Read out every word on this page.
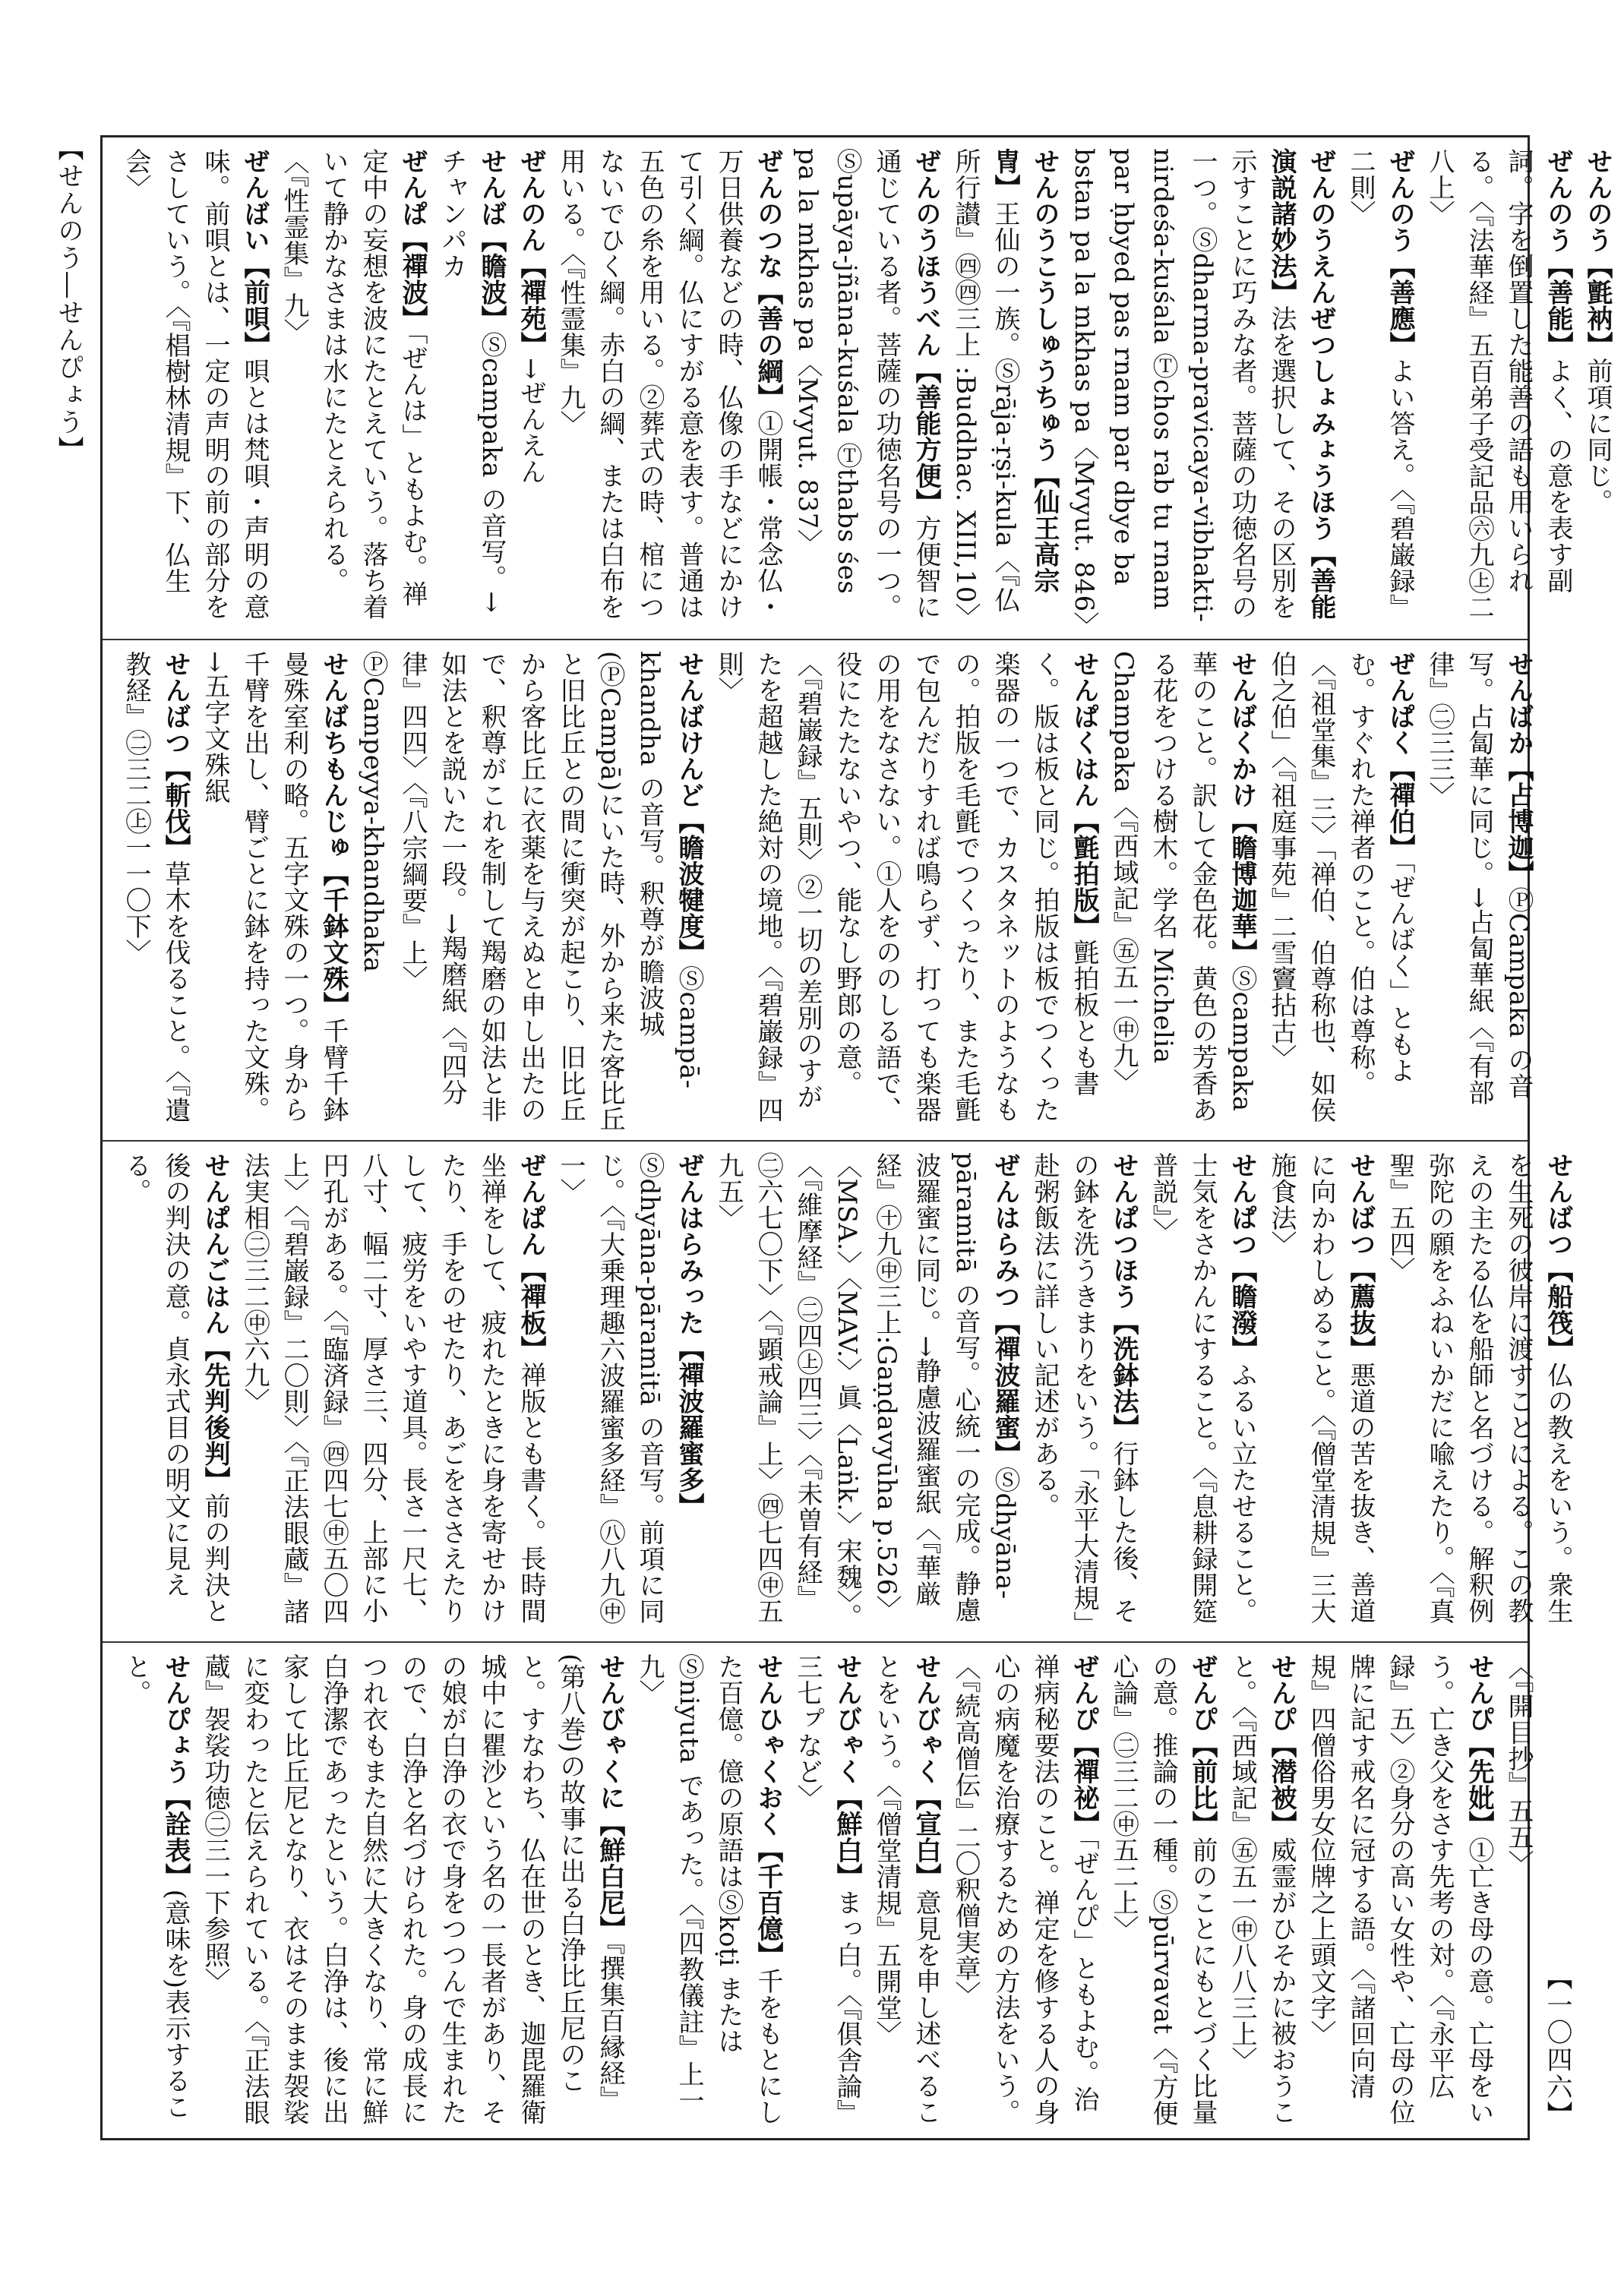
【せんのう―せんぴょう】
【一〇四六】
せんのう【氈衲】前項に同じ。
ぜんのう【善能】よく、の意を表す副詞。字を倒置した能善の語も用いられる。〈『法華経』五百弟子受記品㊅九㊤二八上〉
ぜんのう【善應】よい答え。〈『碧巌録』二則〉
ぜんのうえんぜつしょみょうほう【善能演説諸妙法】法を選択して、その区別を示すことに巧みな者。菩薩の功徳名号の一つ。Ⓢdharma-pravicaya-vibhakti-nirdeśa-kuśala Ⓣchos rab tu rnam par ḥbyed pas rnam par dbye ba bstan pa la mkhas pa〈Mvyut. 846〉
せんのうこうしゅうちゅう【仙王高宗冑】王仙の一族。Ⓢrāja-ṛṣi-kula〈『仏所行讃』㊃㊃三上 :Buddhac. XIII,10〉
ぜんのうほうべん【善能方便】方便智に通じている者。菩薩の功徳名号の一つ。Ⓢupāya-jñāna-kuśala Ⓣthabs śes pa la mkhas pa〈Mvyut. 837〉
ぜんのつな【善の綱】①開帳・常念仏・万日供養などの時、仏像の手などにかけて引く綱。仏にすがる意を表す。普通は五色の糸を用いる。②葬式の時、棺につないでひく綱。赤白の綱、または白布を用いる。〈『性霊集』九〉
ぜんのん【禪苑】→ぜんえん
せんば【瞻波】Ⓢcampaka の音写。→チャンパカ
ぜんぱ【禪波】「ぜんは」ともよむ。禅定中の妄想を波にたとえていう。落ち着いて静かなさまは水にたとえられる。〈『性霊集』九〉
ぜんばい【前唄】唄とは梵唄・声明の意味。前唄とは、一定の声明の前の部分をさしていう。〈『椙樹林清規』下、仏生会〉
せんばか【占博迦】ⓅCampaka の音写。占匐華に同じ。→占匐華䋋〈『有部律』㊁三三〉
ぜんぱく【禪伯】「ぜんばく」ともよむ。すぐれた禅者のこと。伯は尊称。〈『祖堂集』三〉「禅伯、伯尊称也、如侯伯之伯」〈『祖庭事苑』二雪竇拈古〉
せんばくかけ【瞻博迦華】Ⓢcampaka 華のこと。訳して金色花。黄色の芳香ある花をつける樹木。学名 Michelia Champaka〈『西域記』㊄五一㊥九〉
せんぱくはん【氈拍版】氈拍板とも書く。版は板と同じ。拍版は板でつくった楽器の一つで、カスタネットのようなもの。拍版を毛氈でつくったり、また毛氈で包んだりすれば鳴らず、打っても楽器の用をなさない。①人をののしる語で、役にたたないやつ、能なし野郎の意。〈『碧巌録』五則〉②一切の差別のすがたを超越した絶対の境地。〈『碧巌録』四則〉
せんばけんど【瞻波犍度】Ⓢcampā-khandha の音写。釈尊が瞻波城(ⓅCampā)にいた時、外から来た客比丘と旧比丘との間に衝突が起こり、旧比丘から客比丘に衣薬を与えぬと申し出たので、釈尊がこれを制して羯磨の如法と非如法とを説いた一段。→羯磨䋋〈『四分律』四四〉〈『八宗綱要』上〉ⓅCampeyya-khandhaka
せんばちもんじゅ【千鉢文殊】千臂千鉢曼殊室利の略。五字文殊の一つ。身から千臂を出し、臂ごとに鉢を持った文殊。→五字文殊䋋
せんばつ【斬伐】草木を伐ること。〈『遺教経』㊁三二㊤一一〇下〉
せんばつ【船筏】仏の教えをいう。衆生を生死の彼岸に渡すことによる。この教えの主たる仏を船師と名づける。解釈例 弥陀の願をふねいかだに喩えたり。〈『真聖』五四〉
せんばつ【薦抜】悪道の苦を抜き、善道に向かわしめること。〈『僧堂清規』三大施食法〉
せんぱつ【瞻潑】ふるい立たせること。士気をさかんにすること。〈『息耕録開筵普説』〉
せんぱつほう【洗鉢法】行鉢した後、その鉢を洗うきまりをいう。「永平大清規」赴粥飯法に詳しい記述がある。
ぜんはらみつ【禪波羅蜜】Ⓢdhyāna-pāramitā の音写。心統一の完成。静慮波羅蜜に同じ。→静慮波羅蜜䋋〈『華厳経』㊉九㊥三上:Gaṇḍavyūha p.526〉〈MSA.〉〈MAV.〉眞〈Laṅk.〉宋魏〉。〈『維摩経』㊁四㊤四三〉〈『未曽有経』㊁六七〇下〉〈『顕戒論』上〉㊃七四㊥五九五〉
ぜんはらみった【禪波羅蜜多】Ⓢdhyāna-pāramitā の音写。前項に同じ。〈『大乗理趣六波羅蜜多経』㊇八九㊥一〉
ぜんぱん【禪板】禅版とも書く。長時間坐禅をして、疲れたときに身を寄せかけたり、手をのせたり、あごをささえたりして、疲労をいやす道具。長さ一尺七、八寸、幅二寸、厚さ三、四分、上部に小円孔がある。〈『臨済録』㊃四七㊥五〇四上〉〈『碧巌録』二〇則〉〈『正法眼蔵』諸法実相㊁三二㊥六九〉
せんぱんごはん【先判後判】前の判決と後の判決の意。貞永式目の明文に見える。
〈『開目抄』五五〉
せんぴ【先妣】①亡き母の意。亡母をいう。亡き父をさす先考の対。〈『永平広録』五〉②身分の高い女性や、亡母の位牌に記す戒名に冠する語。〈『諸回向清規』四僧俗男女位牌之上頭文字〉
せんぴ【潜被】威霊がひそかに被おうこと。〈『西域記』㊄五一㊥八八三上〉
ぜんぴ【前比】前のことにもとづく比量の意。推論の一種。Ⓢpūrvavat〈『方便心論』㊁三二㊥五二上〉
ぜんぴ【禪祕】「ぜんぴ」ともよむ。治禅病秘要法のこと。禅定を修する人の身心の病魔を治療するための方法をいう。〈『続高僧伝』二〇釈僧実章〉
せんびゃく【宣白】意見を申し述べることをいう。〈『僧堂清規』五開堂〉
せんびゃく【鮮白】まっ白。〈『俱舎論』三七ㇷ゚など〉
せんひゃくおく【千百億】千をもとにした百億。億の原語はⓈkoṭi またはⓈniyuta であった。〈『四教儀註』上一九〉
せんびゃくに【鮮白尼】『撰集百縁経』(第八巻)の故事に出る白浄比丘尼のこと。すなわち、仏在世のとき、迦毘羅衛城中に瞿沙という名の一長者があり、その娘が白浄の衣で身をつつんで生まれたので、白浄と名づけられた。身の成長につれ衣もまた自然に大きくなり、常に鮮白浄潔であったという。白浄は、後に出家して比丘尼となり、衣はそのまま袈裟に変わったと伝えられている。〈『正法眼蔵』袈裟功徳㊁三一下参照〉
せんぴょう【詮表】(意味を)表示すること。
